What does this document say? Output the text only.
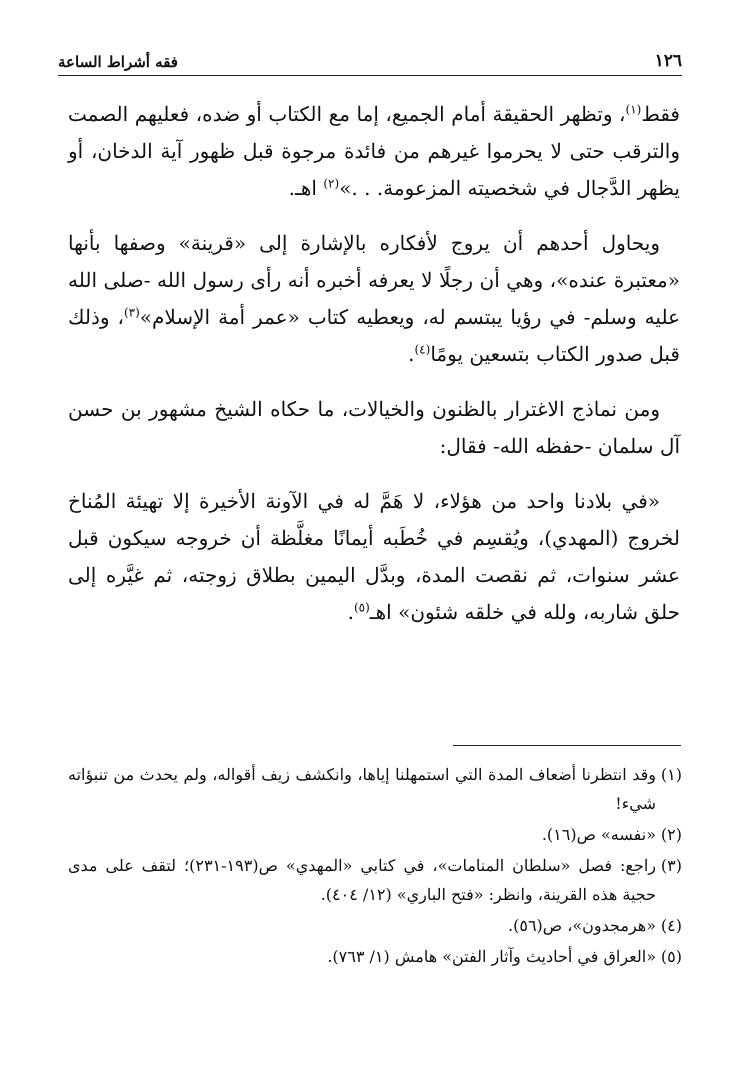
فقه أشراط الساعة	١٢٦

فقط$^{(١)}$، وتظهر الحقيقة أمام الجميع، إما مع الكتاب أو ضده، فعليهم الصمت والترقب حتى لا يحرموا غيرهم من فائدة مرجوة قبل ظهور آية الدخان، أو يظهر الدَّجال في شخصيته المزعومة. . .»$^{(٢)}$ اهـ.

ويحاول أحدهم أن يروج لأفكاره بالإشارة إلى «قرينة» وصفها بأنها «معتبرة عنده»، وهي أن رجلًا لا يعرفه أخبره أنه رأى رسول الله -صلى الله عليه وسلم- في رؤيا يبتسم له، ويعطيه كتاب «عمر أمة الإسلام»$^{(٣)}$، وذلك قبل صدور الكتاب بتسعين يومًا$^{(٤)}$.

ومن نماذج الاغترار بالظنون والخيالات، ما حكاه الشيخ مشهور بن حسن آل سلمان -حفظه الله- فقال:

«في بلادنا واحد من هؤلاء، لا هَمَّ له في الآونة الأخيرة إلا تهيئة المُناخ لخروج (المهدي)، ويُقسِم في خُطَبه أيمانًا مغلَّظة أن خروجه سيكون قبل عشر سنوات، ثم نقصت المدة، وبدَّل اليمين بطلاق زوجته، ثم غيَّره إلى حلق شاربه، ولله في خلقه شئون» اهـ$^{(٥)}$.

(١)
وقد انتظرنا أضعاف المدة التي استمهلنا إياها، وانكشف زيف أقواله، ولم يحدث من تنبؤاته شيء!
(٢)
«نفسه» ص(١٦).
(٣)
راجع: فصل «سلطان المنامات»، في كتابي «المهدي» ص(١٩٣-٢٣١)؛ لتقف على مدى حجية هذه القرينة، وانظر: «فتح الباري» (١٢/ ٤٠٤).
(٤)
«هرمجدون»، ص(٥٦).
(٥)
«العراق في أحاديث وآثار الفتن» هامش (١/ ٧٦٣).
